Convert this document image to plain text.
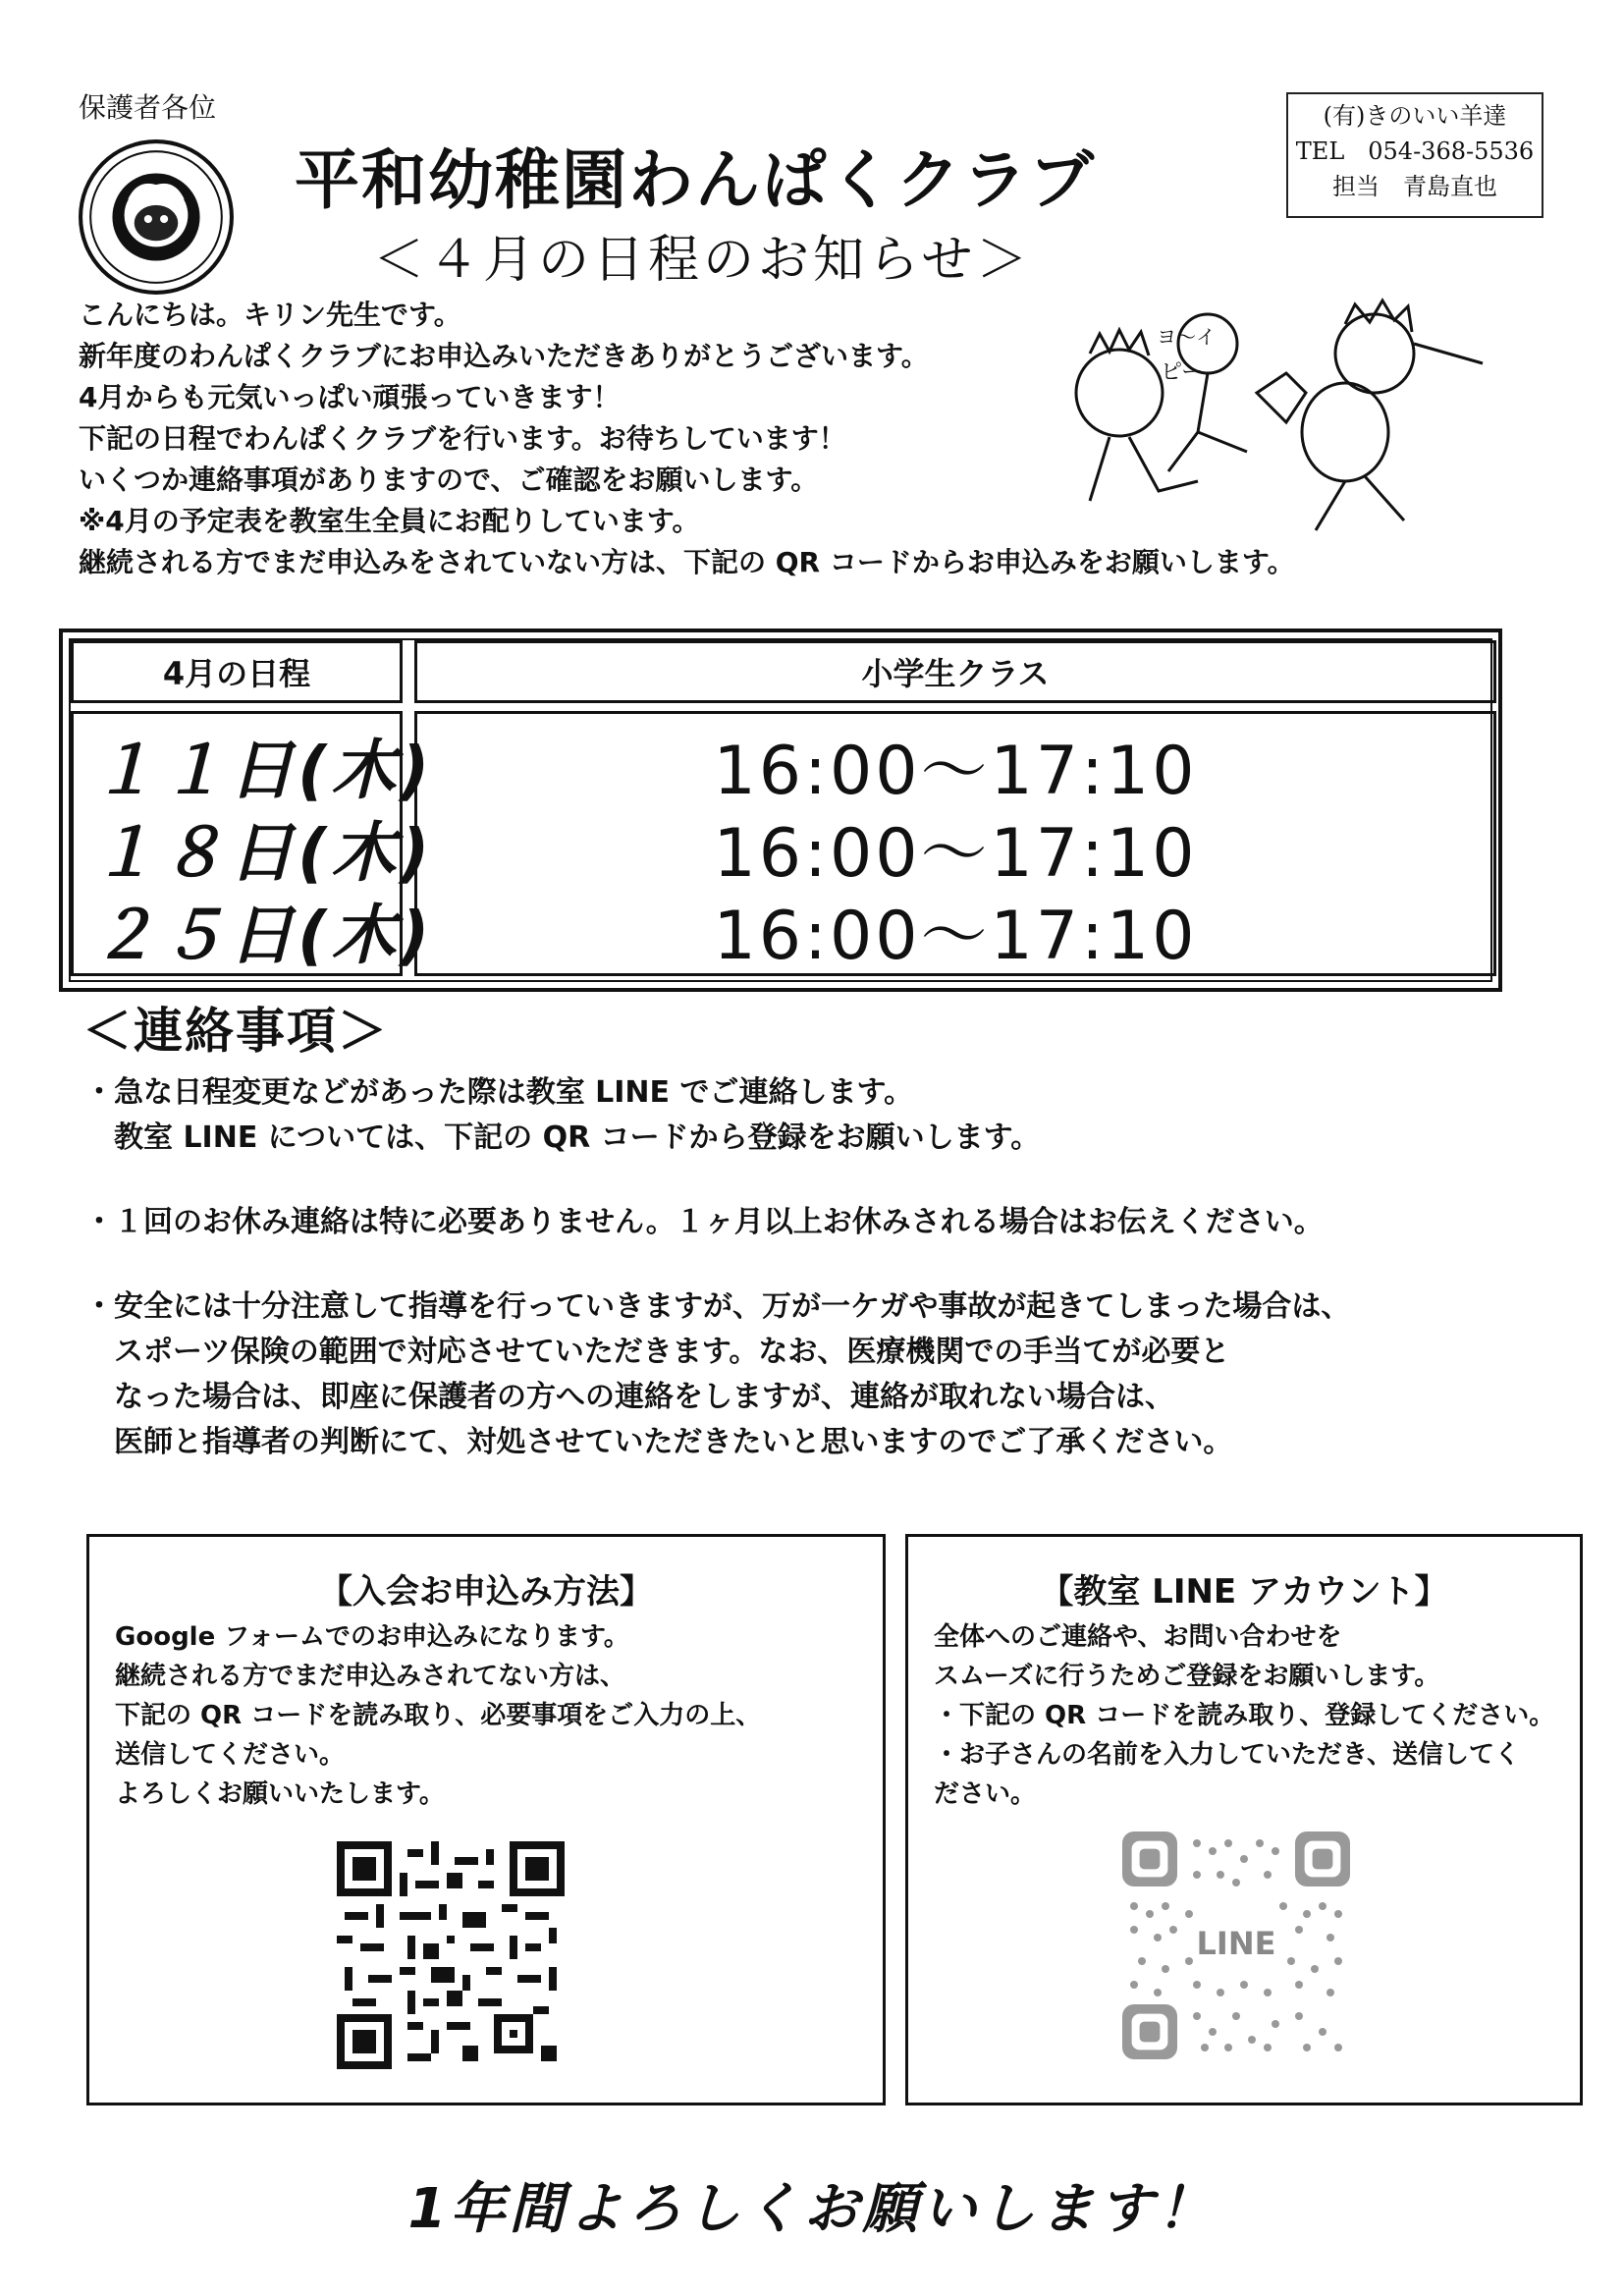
保護者各位
平和幼稚園わんぱくクラブ
＜４月の日程のお知らせ＞
(有)きのいい羊達
TEL　054-368-5536
担当　青島直也
こんにちは。キリン先生です。
新年度のわんぱくクラブにお申込みいただきありがとうございます。
4月からも元気いっぱい頑張っていきます！
下記の日程でわんぱくクラブを行います。お待ちしています！
いくつか連絡事項がありますので、ご確認をお願いします。
※4月の予定表を教室生全員にお配りしています。
継続される方でまだ申込みをされていない方は、下記の QR コードからお申込みをお願いします。
ヨ〜イ
ピー
4月の日程	小学生クラス
１１日(木)
１８日(木)
２５日(木)
16:00～17:10
16:00～17:10
16:00～17:10
＜連絡事項＞
・急な日程変更などがあった際は教室 LINE でご連絡します。
　教室 LINE については、下記の QR コードから登録をお願いします。
・１回のお休み連絡は特に必要ありません。１ヶ月以上お休みされる場合はお伝えください。
・安全には十分注意して指導を行っていきますが、万が一ケガや事故が起きてしまった場合は、
　スポーツ保険の範囲で対応させていただきます。なお、医療機関での手当てが必要と
　なった場合は、即座に保護者の方への連絡をしますが、連絡が取れない場合は、
　医師と指導者の判断にて、対処させていただきたいと思いますのでご了承ください。
【入会お申込み方法】
Google フォームでのお申込みになります。
継続される方でまだ申込みされてない方は、
下記の QR コードを読み取り、必要事項をご入力の上、
送信してください。
よろしくお願いいたします。
【教室 LINE アカウント】
全体へのご連絡や、お問い合わせを
スムーズに行うためご登録をお願いします。
・下記の QR コードを読み取り、登録してください。
・お子さんの名前を入力していただき、送信してく
ださい。
LINE
1年間よろしくお願いします！
